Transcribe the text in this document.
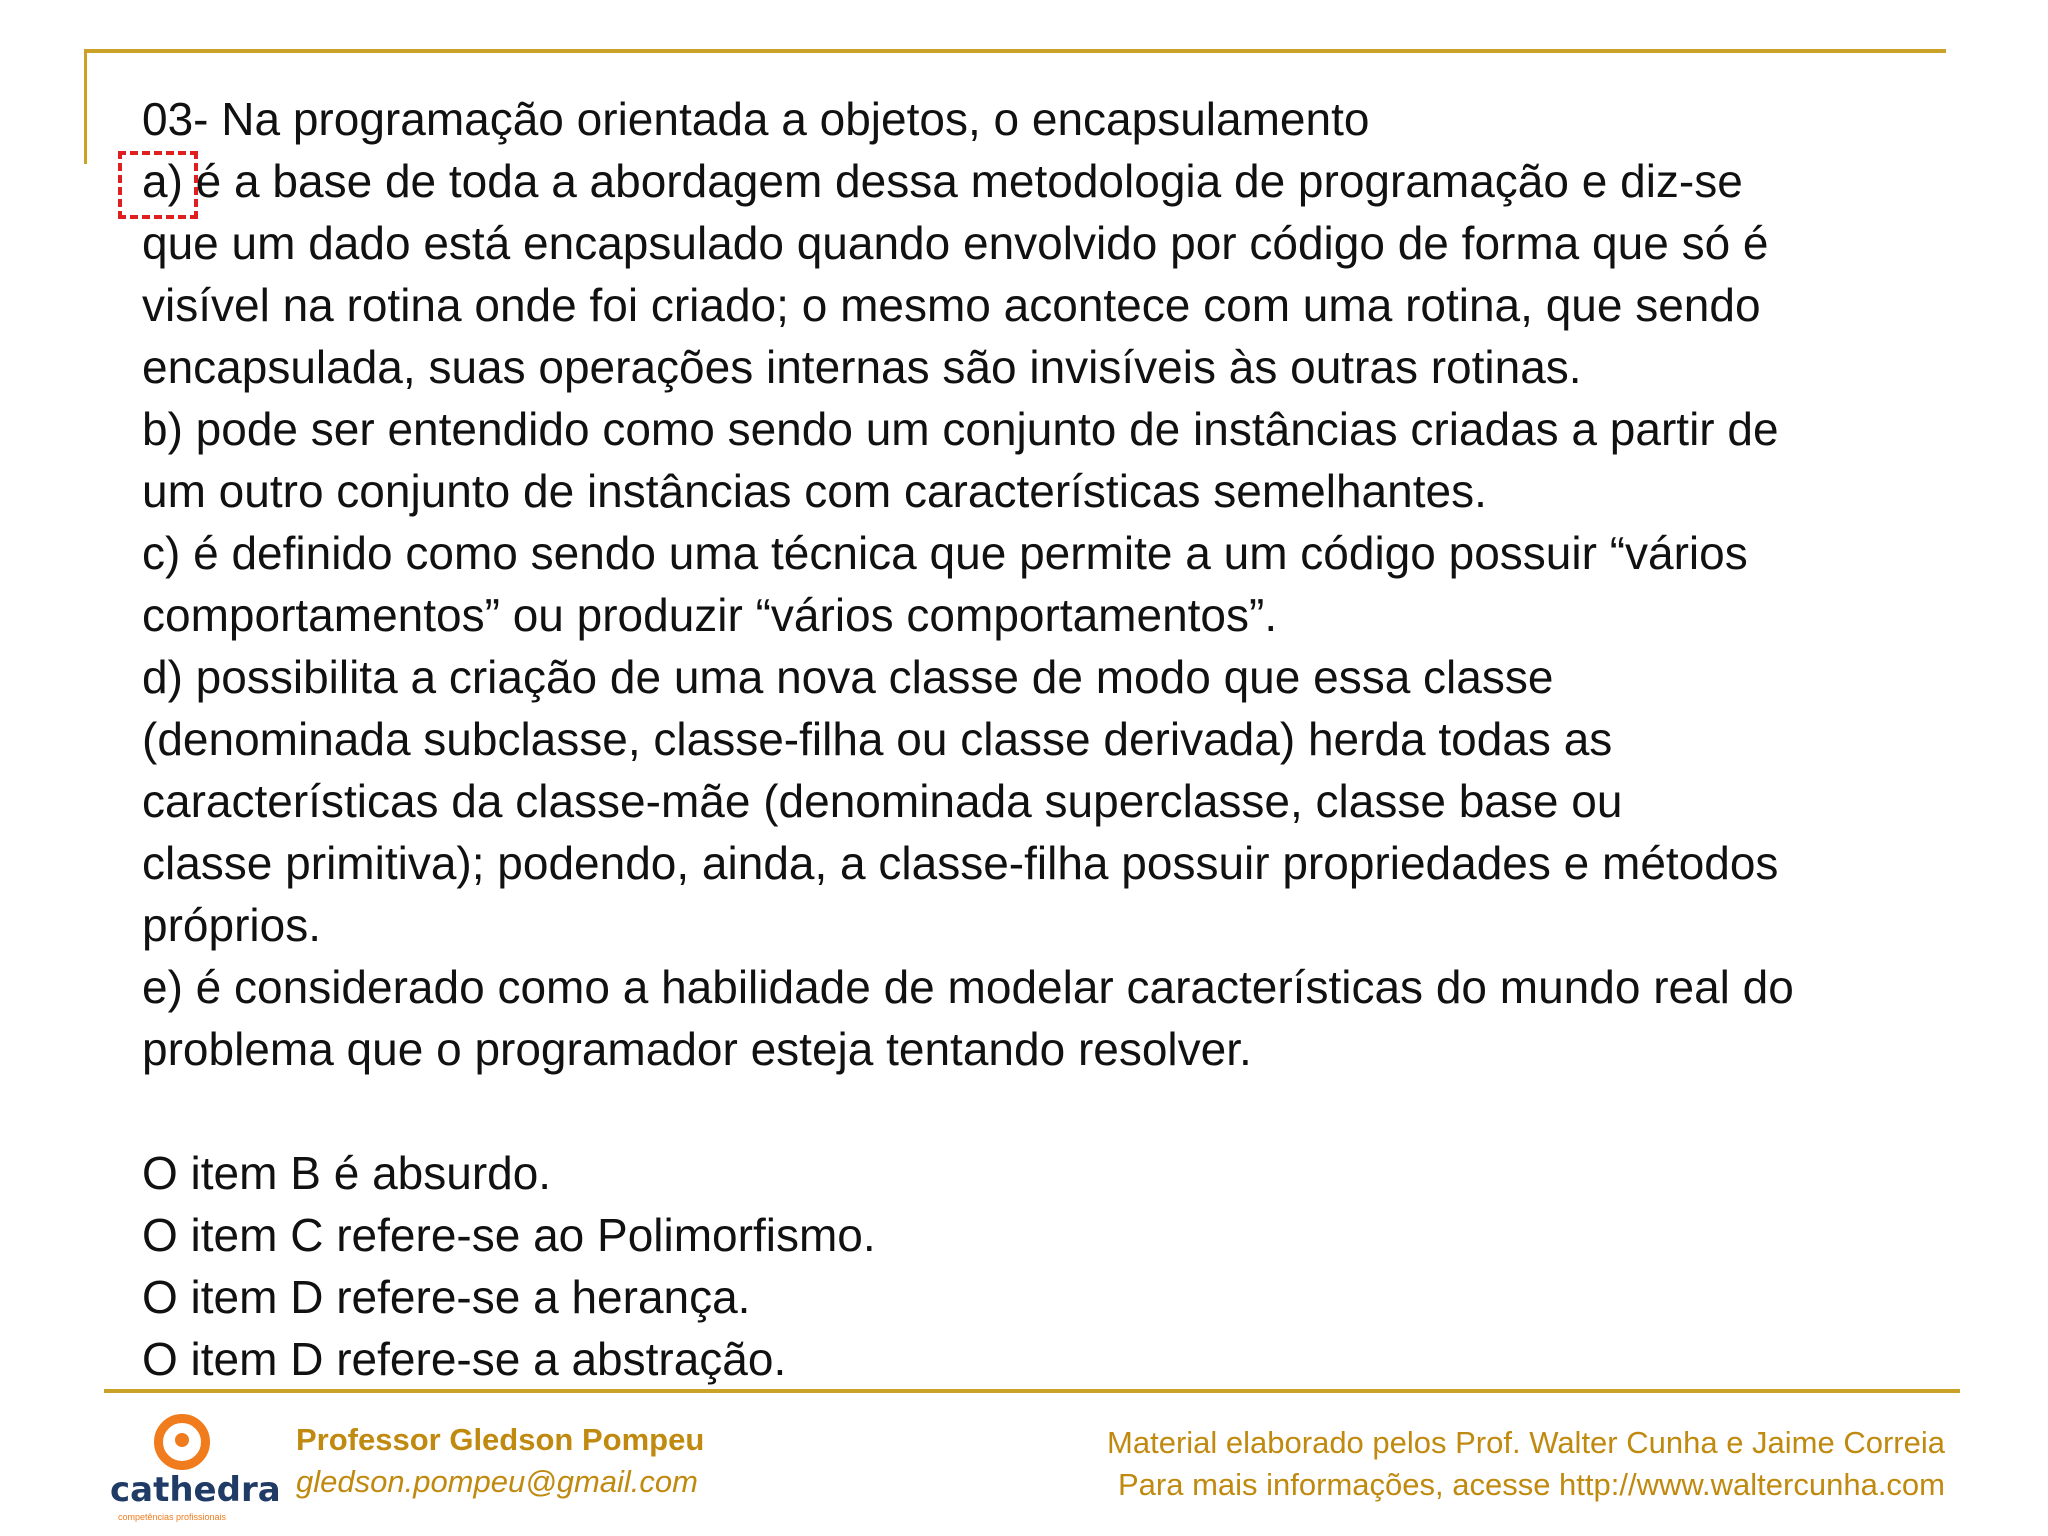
03- Na programação orientada a objetos, o encapsulamento

a) é a base de toda a abordagem dessa metodologia de programação e diz-se

que um dado está encapsulado quando envolvido por código de forma que só é

visível na rotina onde foi criado; o mesmo acontece com uma rotina, que sendo

encapsulada, suas operações internas são invisíveis às outras rotinas.

b) pode ser entendido como sendo um conjunto de instâncias criadas a partir de

um outro conjunto de instâncias com características semelhantes.

c) é definido como sendo uma técnica que permite a um código possuir “vários

comportamentos” ou produzir “vários comportamentos”.

d) possibilita a criação de uma nova classe de modo que essa classe

(denominada subclasse, classe-filha ou classe derivada) herda todas as

características da classe-mãe (denominada superclasse, classe base ou

classe primitiva); podendo, ainda, a classe-filha possuir propriedades e métodos

próprios.

e) é considerado como a habilidade de modelar características do mundo real do

problema que o programador esteja tentando resolver.

O item B é absurdo.

O item C refere-se ao Polimorfismo.

O item D refere-se a herança.

O item D refere-se a abstração.

cathedra
competências profissionais
Professor Gledson Pompeu
gledson.pompeu@gmail.com
Material elaborado pelos Prof. Walter Cunha e Jaime Correia
Para mais informações, acesse http://www.waltercunha.com
